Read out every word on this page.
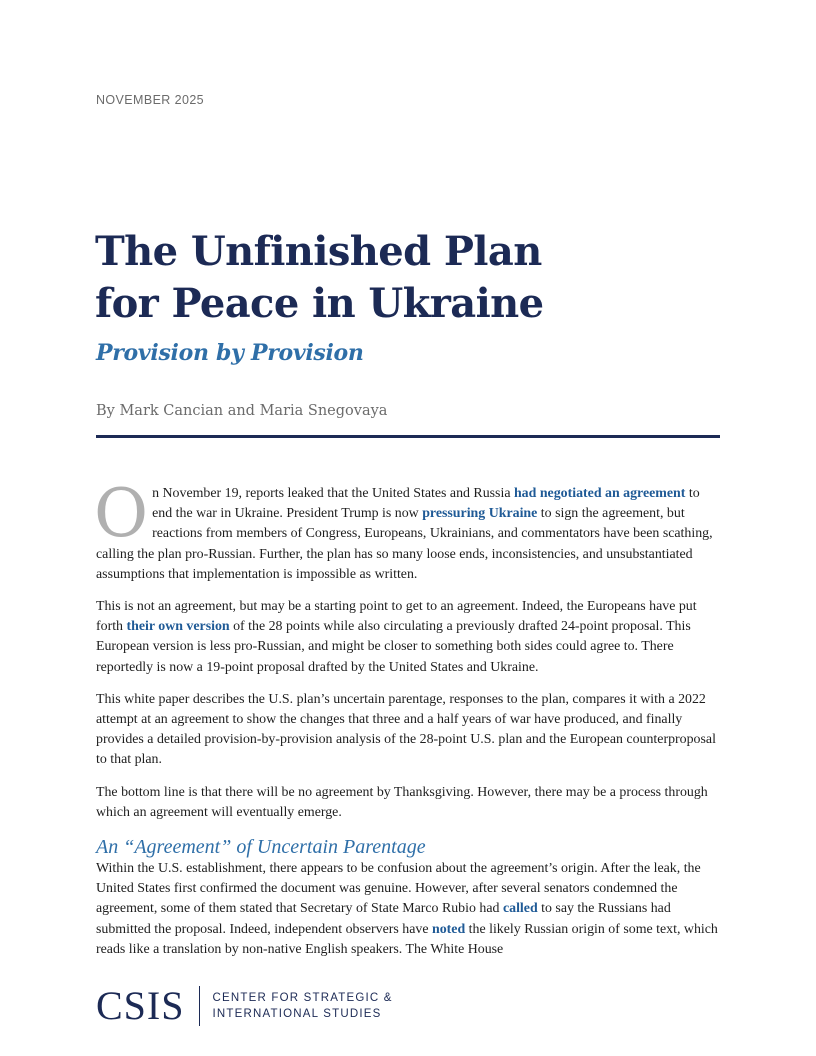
NOVEMBER 2025
The Unfinished Plan
for Peace in Ukraine
Provision by Provision
By Mark Cancian and Maria Snegovaya

On November 19, reports leaked that the United States and Russia had negotiated an agreement to end the war in Ukraine. President Trump is now pressuring Ukraine to sign the agreement, but reactions from members of Congress, Europeans, Ukrainians, and commentators have been scathing, calling the plan pro-Russian. Further, the plan has so many loose ends, inconsistencies, and unsubstantiated assumptions that implementation is impossible as written.

This is not an agreement, but may be a starting point to get to an agreement. Indeed, the Europeans have put forth their own version of the 28 points while also circulating a previously drafted 24-point proposal. This European version is less pro-Russian, and might be closer to something both sides could agree to. There reportedly is now a 19-point proposal drafted by the United States and Ukraine.

This white paper describes the U.S. plan’s uncertain parentage, responses to the plan, compares it with a 2022 attempt at an agreement to show the changes that three and a half years of war have produced, and finally provides a detailed provision-by-provision analysis of the 28-point U.S. plan and the European counterproposal to that plan.

The bottom line is that there will be no agreement by Thanksgiving. However, there may be a process through which an agreement will eventually emerge.

An “Agreement” of Uncertain Parentage

Within the U.S. establishment, there appears to be confusion about the agreement’s origin. After the leak, the United States first confirmed the document was genuine. However, after several senators condemned the agreement, some of them stated that Secretary of State Marco Rubio had called to say the Russians had submitted the proposal. Indeed, independent observers have noted the likely Russian origin of some text, which reads like a translation by non-native English speakers. The White House

CSIS CENTER FOR STRATEGIC &
INTERNATIONAL STUDIES
